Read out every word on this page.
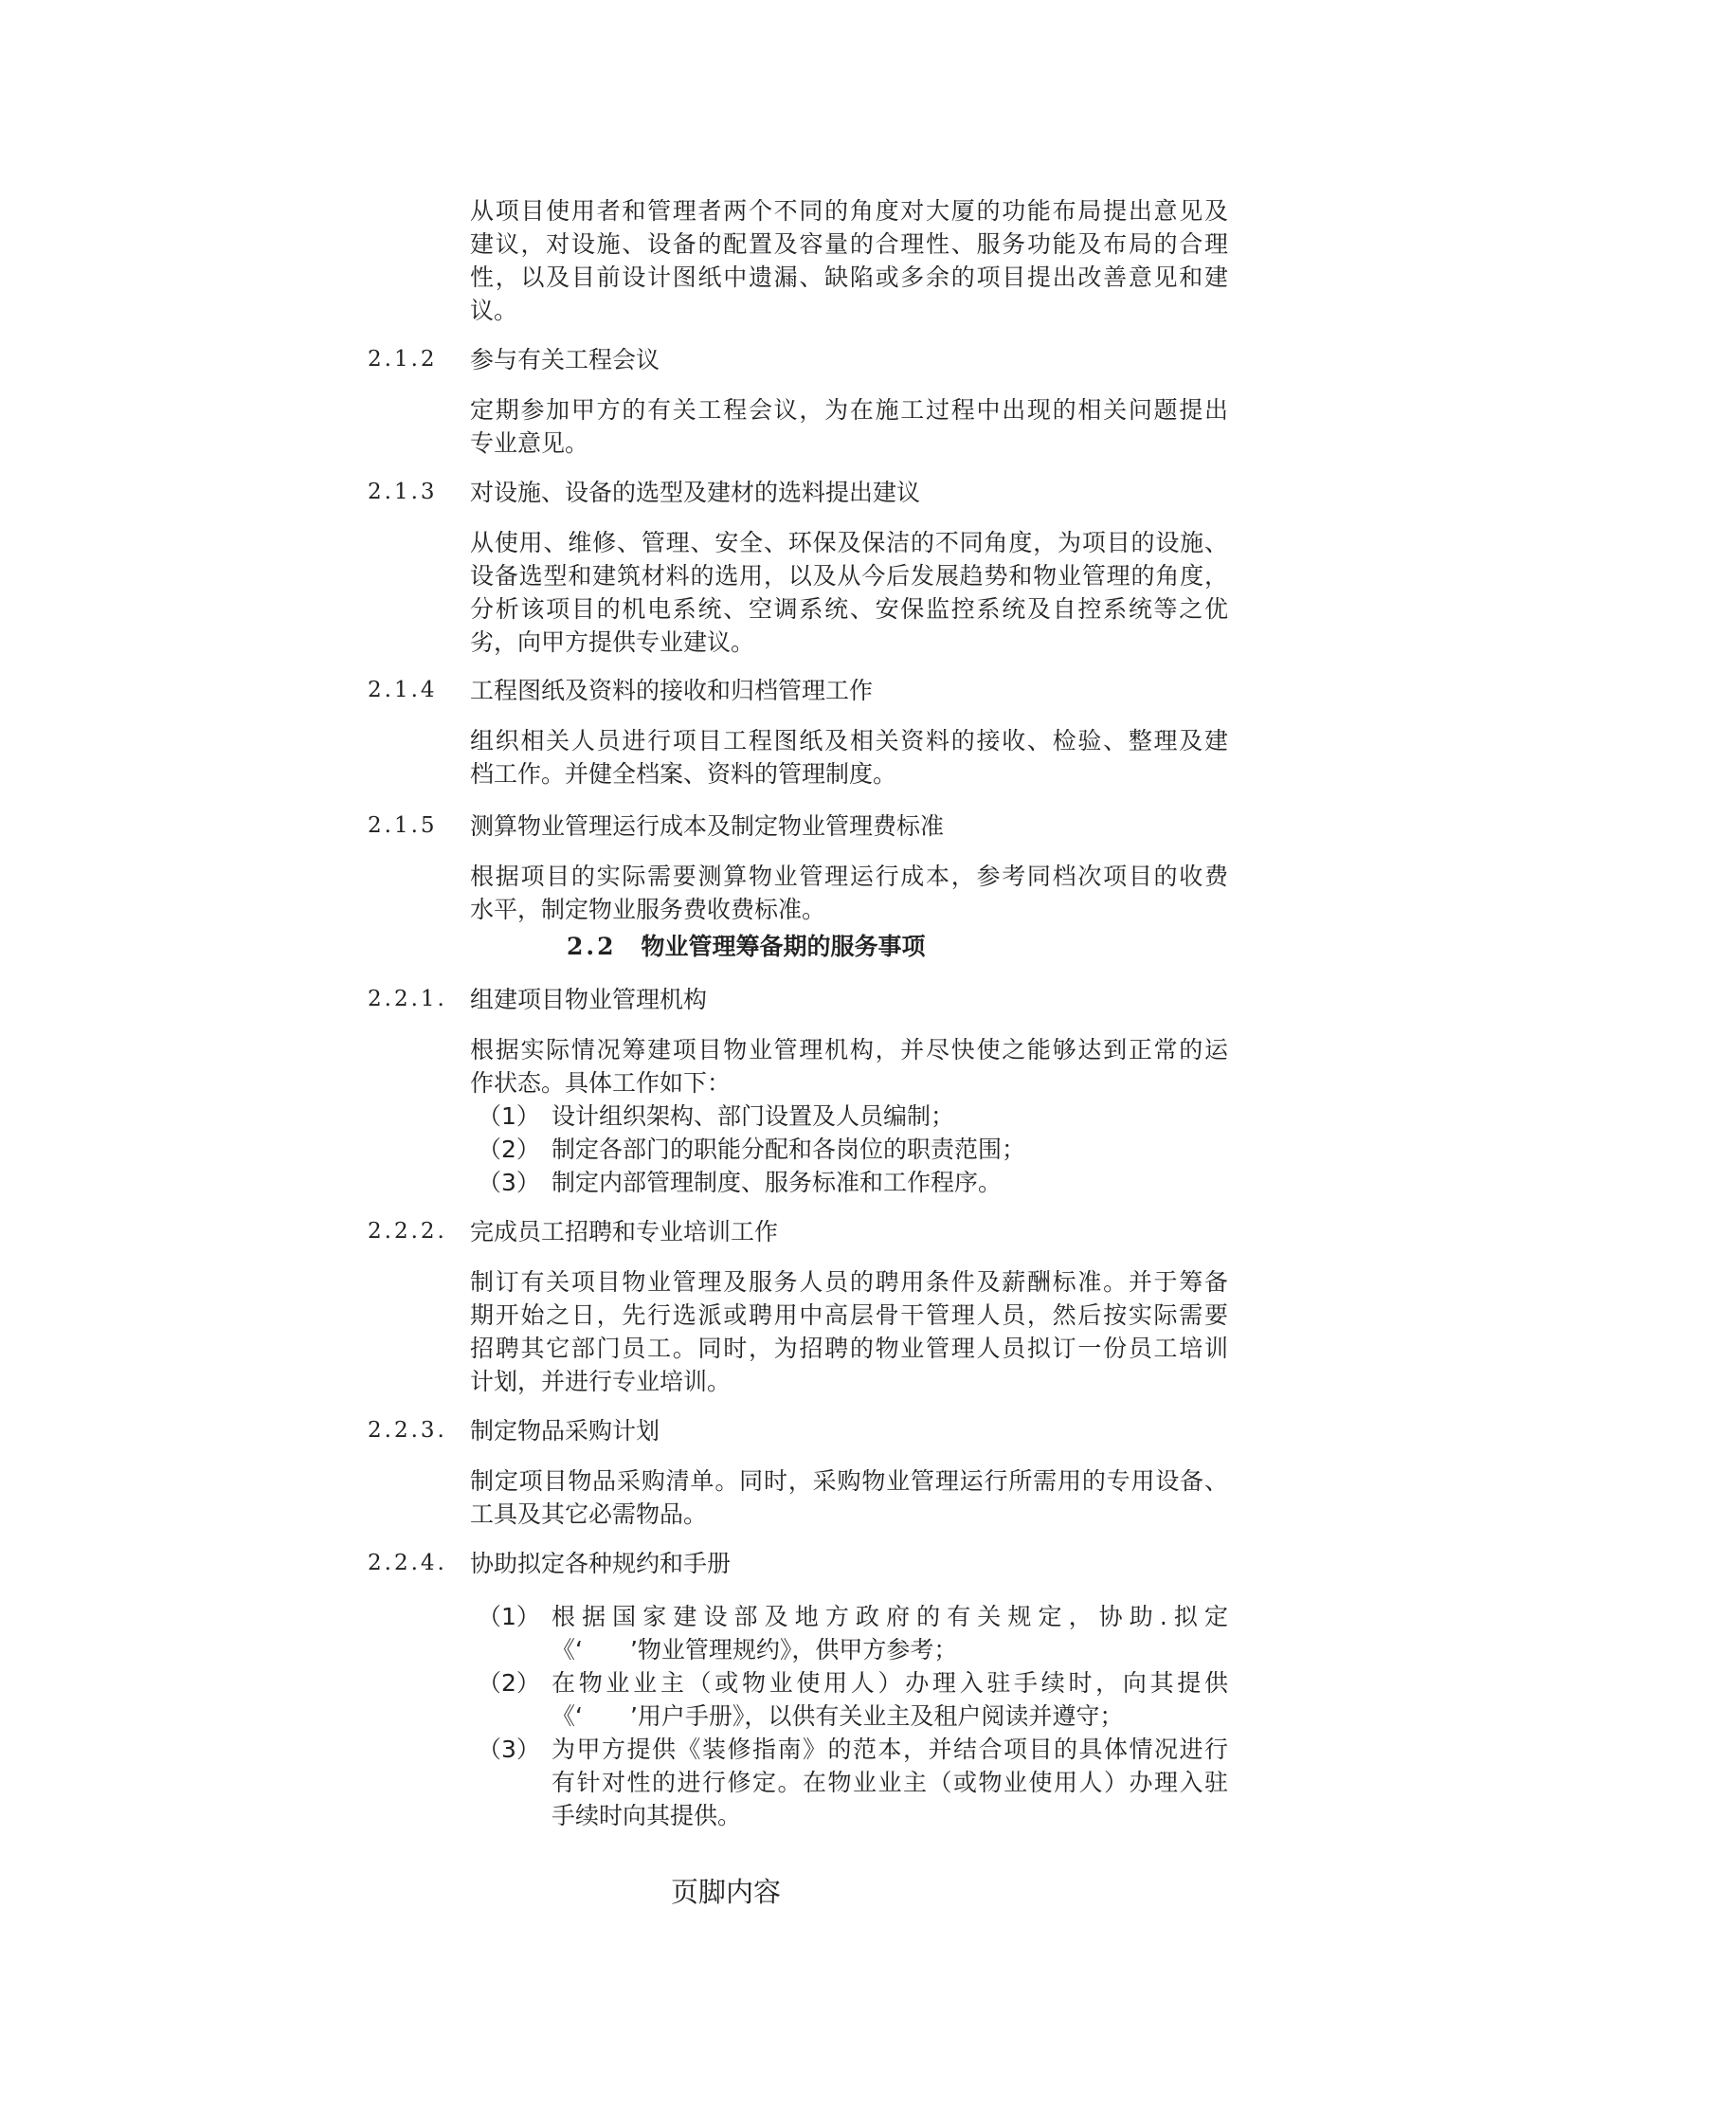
从项目使用者和管理者两个不同的角度对大厦的功能布局提出意见及
建议，对设施、设备的配置及容量的合理性、服务功能及布局的合理
性，以及目前设计图纸中遗漏、缺陷或多余的项目提出改善意见和建
议。
2.1.2 参与有关工程会议
定期参加甲方的有关工程会议，为在施工过程中出现的相关问题提出
专业意见。
2.1.3 对设施、设备的选型及建材的选料提出建议
从使用、维修、管理、安全、环保及保洁的不同角度，为项目的设施、
设备选型和建筑材料的选用，以及从今后发展趋势和物业管理的角度，
分析该项目的机电系统、空调系统、安保监控系统及自控系统等之优
劣，向甲方提供专业建议。
2.1.4 工程图纸及资料的接收和归档管理工作
组织相关人员进行项目工程图纸及相关资料的接收、检验、整理及建
档工作。并健全档案、资料的管理制度。
2.1.5 测算物业管理运行成本及制定物业管理费标准
根据项目的实际需要测算物业管理运行成本，参考同档次项目的收费
水平，制定物业服务费收费标准。
2.2 物业管理筹备期的服务事项
2.2.1. 组建项目物业管理机构
根据实际情况筹建项目物业管理机构，并尽快使之能够达到正常的运
作状态。具体工作如下：
（1） 设计组织架构、部门设置及人员编制；
（2） 制定各部门的职能分配和各岗位的职责范围；
（3） 制定内部管理制度、服务标准和工作程序。
2.2.2. 完成员工招聘和专业培训工作
制订有关项目物业管理及服务人员的聘用条件及薪酬标准。并于筹备
期开始之日，先行选派或聘用中高层骨干管理人员，然后按实际需要
招聘其它部门员工。同时，为招聘的物业管理人员拟订一份员工培训
计划，并进行专业培训。
2.2.3. 制定物品采购计划
制定项目物品采购清单。同时，采购物业管理运行所需用的专用设备、
工具及其它必需物品。
2.2.4. 协助拟定各种规约和手册
（1） 根据国家建设部及地方政府的有关规定，协助.拟定
《‘　　’物业管理规约》，供甲方参考；
（2） 在物业业主（或物业使用人）办理入驻手续时，向其提供
《‘　　’用户手册》，以供有关业主及租户阅读并遵守；
（3） 为甲方提供《装修指南》的范本，并结合项目的具体情况进行
有针对性的进行修定。在物业业主（或物业使用人）办理入驻
手续时向其提供。
页脚内容
